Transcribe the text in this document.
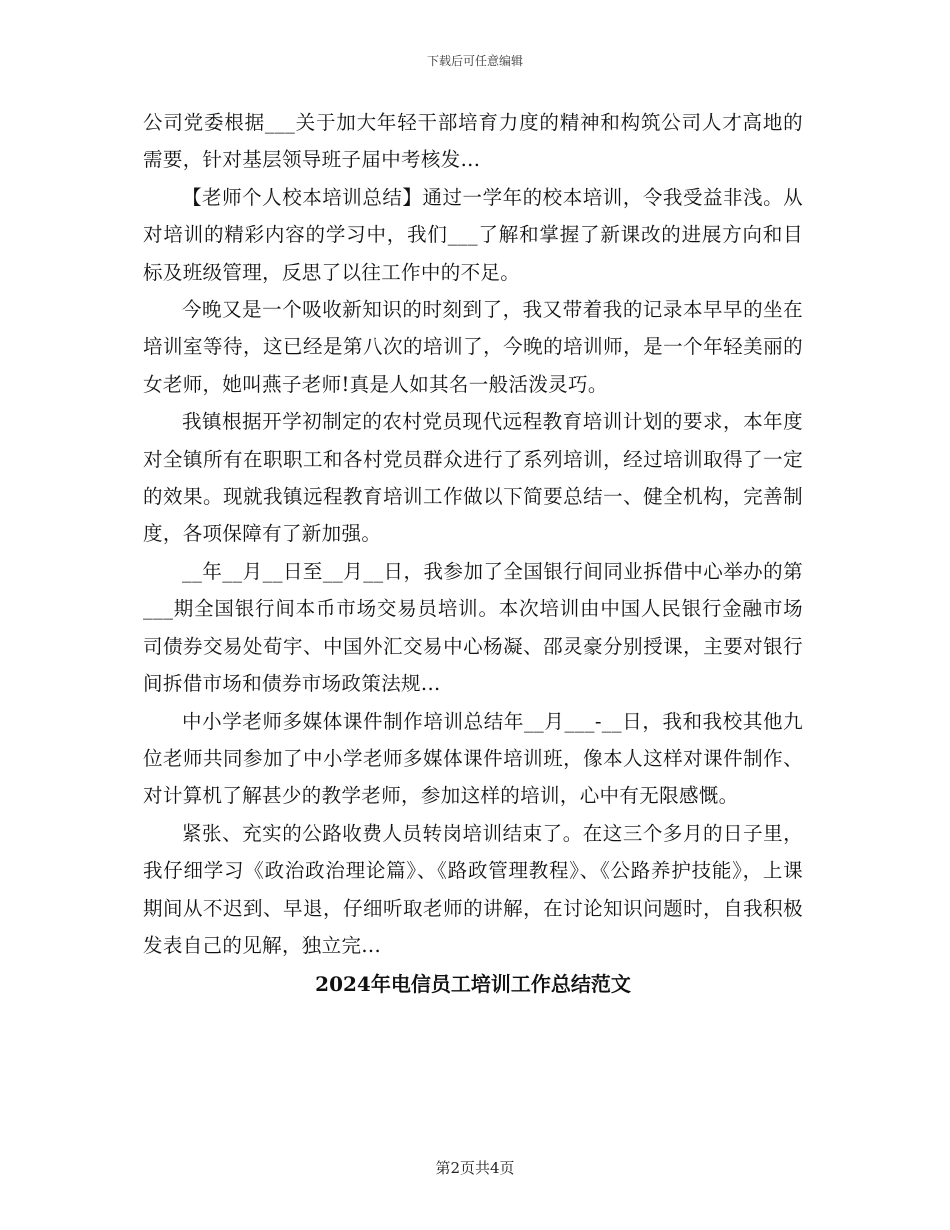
下载后可任意编辑

公司党委根据___关于加大年轻干部培育力度的精神和构筑公司人才高地的需要，针对基层领导班子届中考核发...

【老师个人校本培训总结】通过一学年的校本培训，令我受益非浅。从对培训的精彩内容的学习中，我们___了解和掌握了新课改的进展方向和目标及班级管理，反思了以往工作中的不足。

今晚又是一个吸收新知识的时刻到了，我又带着我的记录本早早的坐在培训室等待，这已经是第八次的培训了，今晚的培训师，是一个年轻美丽的女老师，她叫燕子老师!真是人如其名一般活泼灵巧。

我镇根据开学初制定的农村党员现代远程教育培训计划的要求，本年度对全镇所有在职职工和各村党员群众进行了系列培训，经过培训取得了一定的效果。现就我镇远程教育培训工作做以下简要总结一、健全机构，完善制度，各项保障有了新加强。

__年__月__日至__月__日，我参加了全国银行间同业拆借中心举办的第___期全国银行间本币市场交易员培训。本次培训由中国人民银行金融市场司债券交易处荀宇、中国外汇交易中心杨凝、邵灵豪分别授课，主要对银行间拆借市场和债券市场政策法规...

中小学老师多媒体课件制作培训总结年__月___-__日，我和我校其他九位老师共同参加了中小学老师多媒体课件培训班，像本人这样对课件制作、对计算机了解甚少的教学老师，参加这样的培训，心中有无限感慨。

紧张、充实的公路收费人员转岗培训结束了。在这三个多月的日子里，我仔细学习《政治政治理论篇》、《路政管理教程》、《公路养护技能》，上课期间从不迟到、早退，仔细听取老师的讲解，在讨论知识问题时，自我积极发表自己的见解，独立完...

2024年电信员工培训工作总结范文
第2页共4页
